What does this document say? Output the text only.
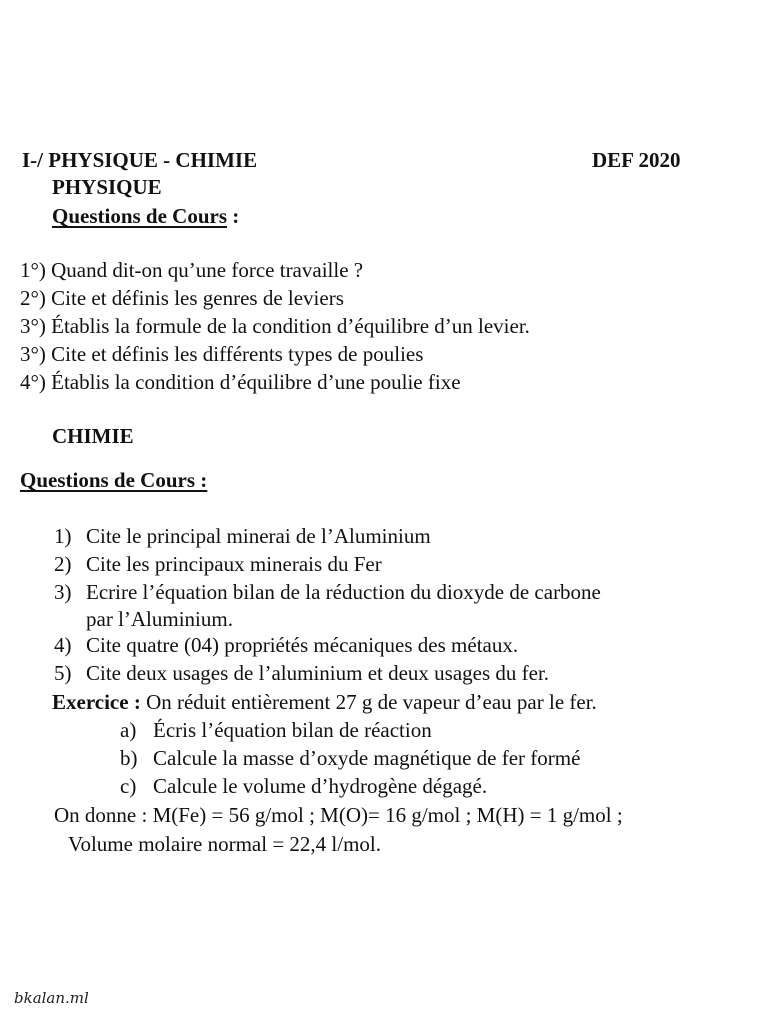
I-/ PHYSIQUE - CHIMIE	DEF 2020
PHYSIQUE
Questions de Cours :
1°) Quand dit-on qu’une force travaille ?
2°) Cite et définis les genres de leviers
3°) Établis la formule de la condition d’équilibre d’un levier.
3°) Cite et définis les différents types de poulies
4°) Établis la condition d’équilibre d’une poulie fixe
CHIMIE
Questions de Cours :
1) Cite le principal minerai de l’Aluminium
2) Cite les principaux minerais du Fer
3) Ecrire l’équation bilan de la réduction du dioxyde de carbone
par l’Aluminium.
4) Cite quatre (04) propriétés mécaniques des métaux.
5) Cite deux usages de l’aluminium et deux usages du fer.
Exercice : On réduit entièrement 27 g de vapeur d’eau par le fer.
a) Écris l’équation bilan de réaction
b) Calcule la masse d’oxyde magnétique de fer formé
c) Calcule le volume d’hydrogène dégagé.
On donne : M(Fe) = 56 g/mol ; M(O)= 16 g/mol ; M(H) = 1 g/mol ;
Volume molaire normal = 22,4 l/mol.
bkalan.ml
